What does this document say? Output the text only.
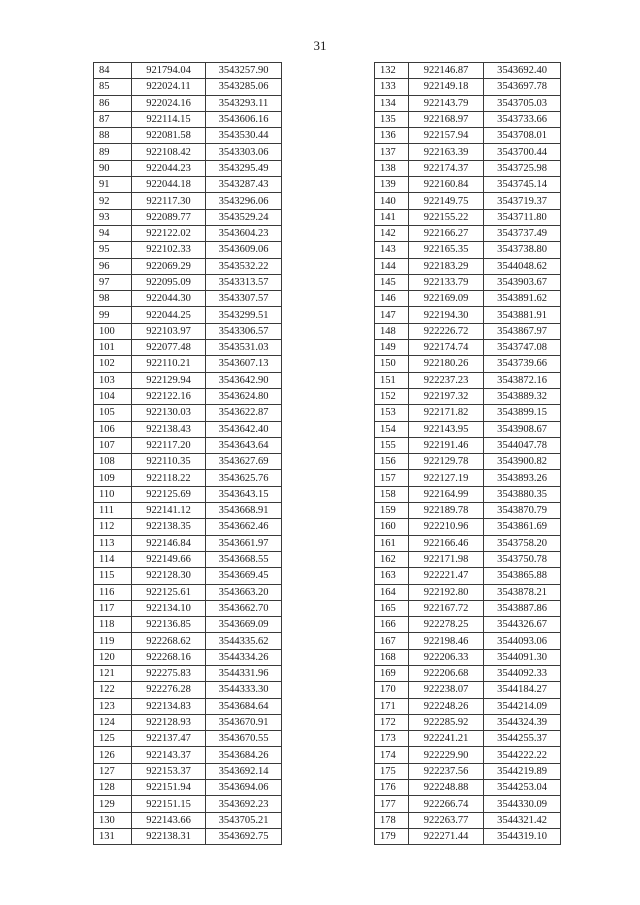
31
84	921794.04	3543257.90
85	922024.11	3543285.06
86	922024.16	3543293.11
87	922114.15	3543606.16
88	922081.58	3543530.44
89	922108.42	3543303.06
90	922044.23	3543295.49
91	922044.18	3543287.43
92	922117.30	3543296.06
93	922089.77	3543529.24
94	922122.02	3543604.23
95	922102.33	3543609.06
96	922069.29	3543532.22
97	922095.09	3543313.57
98	922044.30	3543307.57
99	922044.25	3543299.51
100	922103.97	3543306.57
101	922077.48	3543531.03
102	922110.21	3543607.13
103	922129.94	3543642.90
104	922122.16	3543624.80
105	922130.03	3543622.87
106	922138.43	3543642.40
107	922117.20	3543643.64
108	922110.35	3543627.69
109	922118.22	3543625.76
110	922125.69	3543643.15
111	922141.12	3543668.91
112	922138.35	3543662.46
113	922146.84	3543661.97
114	922149.66	3543668.55
115	922128.30	3543669.45
116	922125.61	3543663.20
117	922134.10	3543662.70
118	922136.85	3543669.09
119	922268.62	3544335.62
120	922268.16	3544334.26
121	922275.83	3544331.96
122	922276.28	3544333.30
123	922134.83	3543684.64
124	922128.93	3543670.91
125	922137.47	3543670.55
126	922143.37	3543684.26
127	922153.37	3543692.14
128	922151.94	3543694.06
129	922151.15	3543692.23
130	922143.66	3543705.21
131	922138.31	3543692.75
132	922146.87	3543692.40
133	922149.18	3543697.78
134	922143.79	3543705.03
135	922168.97	3543733.66
136	922157.94	3543708.01
137	922163.39	3543700.44
138	922174.37	3543725.98
139	922160.84	3543745.14
140	922149.75	3543719.37
141	922155.22	3543711.80
142	922166.27	3543737.49
143	922165.35	3543738.80
144	922183.29	3544048.62
145	922133.79	3543903.67
146	922169.09	3543891.62
147	922194.30	3543881.91
148	922226.72	3543867.97
149	922174.74	3543747.08
150	922180.26	3543739.66
151	922237.23	3543872.16
152	922197.32	3543889.32
153	922171.82	3543899.15
154	922143.95	3543908.67
155	922191.46	3544047.78
156	922129.78	3543900.82
157	922127.19	3543893.26
158	922164.99	3543880.35
159	922189.78	3543870.79
160	922210.96	3543861.69
161	922166.46	3543758.20
162	922171.98	3543750.78
163	922221.47	3543865.88
164	922192.80	3543878.21
165	922167.72	3543887.86
166	922278.25	3544326.67
167	922198.46	3544093.06
168	922206.33	3544091.30
169	922206.68	3544092.33
170	922238.07	3544184.27
171	922248.26	3544214.09
172	922285.92	3544324.39
173	922241.21	3544255.37
174	922229.90	3544222.22
175	922237.56	3544219.89
176	922248.88	3544253.04
177	922266.74	3544330.09
178	922263.77	3544321.42
179	922271.44	3544319.10
